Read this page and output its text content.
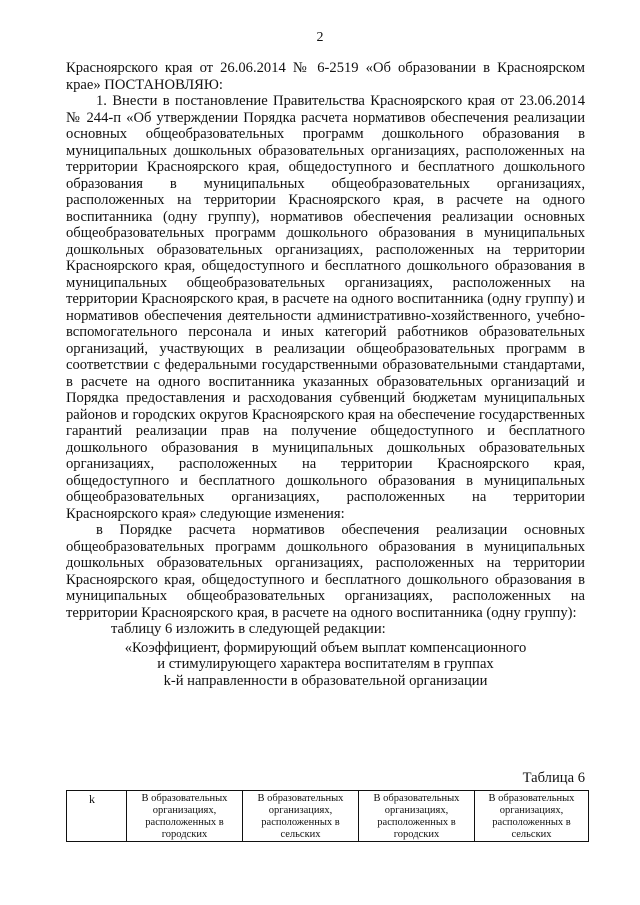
2

Красноярского края от 26.06.2014 № 6-2519 «Об образовании в Красноярском крае» ПОСТАНОВЛЯЮ:

1. Внести в постановление Правительства Красноярского края от 23.06.2014 № 244-п «Об утверждении Порядка расчета нормативов обеспечения реализации основных общеобразовательных программ дошкольного образования в муниципальных дошкольных образовательных организациях, расположенных на территории Красноярского края, общедоступного и бесплатного дошкольного образования в муниципальных общеобразовательных организациях, расположенных на территории Красноярского края, в расчете на одного воспитанника (одну группу), нормативов обеспечения реализации основных общеобразовательных программ дошкольного образования в муниципальных дошкольных образовательных организациях, расположенных на территории Красноярского края, общедоступного и бесплатного дошкольного образования в муниципальных общеобразовательных организациях, расположенных на территории Красноярского края, в расчете на одного воспитанника (одну группу) и нормативов обеспечения деятельности административно-хозяйственного, учебно-вспомогательного персонала и иных категорий работников образовательных организаций, участвующих в реализации общеобразовательных программ в соответствии с федеральными государственными образовательными стандартами, в расчете на одного воспитанника указанных образовательных организаций и Порядка предоставления и расходования субвенций бюджетам муниципальных районов и городских округов Красноярского края на обеспечение государственных гарантий реализации прав на получение общедоступного и бесплатного дошкольного образования в муниципальных дошкольных образовательных организациях, расположенных на территории Красноярского края, общедоступного и бесплатного дошкольного образования в муниципальных общеобразовательных организациях, расположенных на территории Красноярского края» следующие изменения:

в Порядке расчета нормативов обеспечения реализации основных общеобразовательных программ дошкольного образования в муниципальных дошкольных образовательных организациях, расположенных на территории Красноярского края, общедоступного и бесплатного дошкольного образования в муниципальных общеобразовательных организациях, расположенных на территории Красноярского края, в расчете на одного воспитанника (одну группу):

таблицу 6 изложить в следующей редакции:

«Коэффициент, формирующий объем выплат компенсационного

и стимулирующего характера воспитателям в группах

k-й направленности в образовательной организации

Таблица 6
k	В образовательных организациях, расположенных в городских	В образовательных организациях, расположенных в сельских	В образовательных организациях, расположенных в городских	В образовательных организациях, расположенных в сельских
